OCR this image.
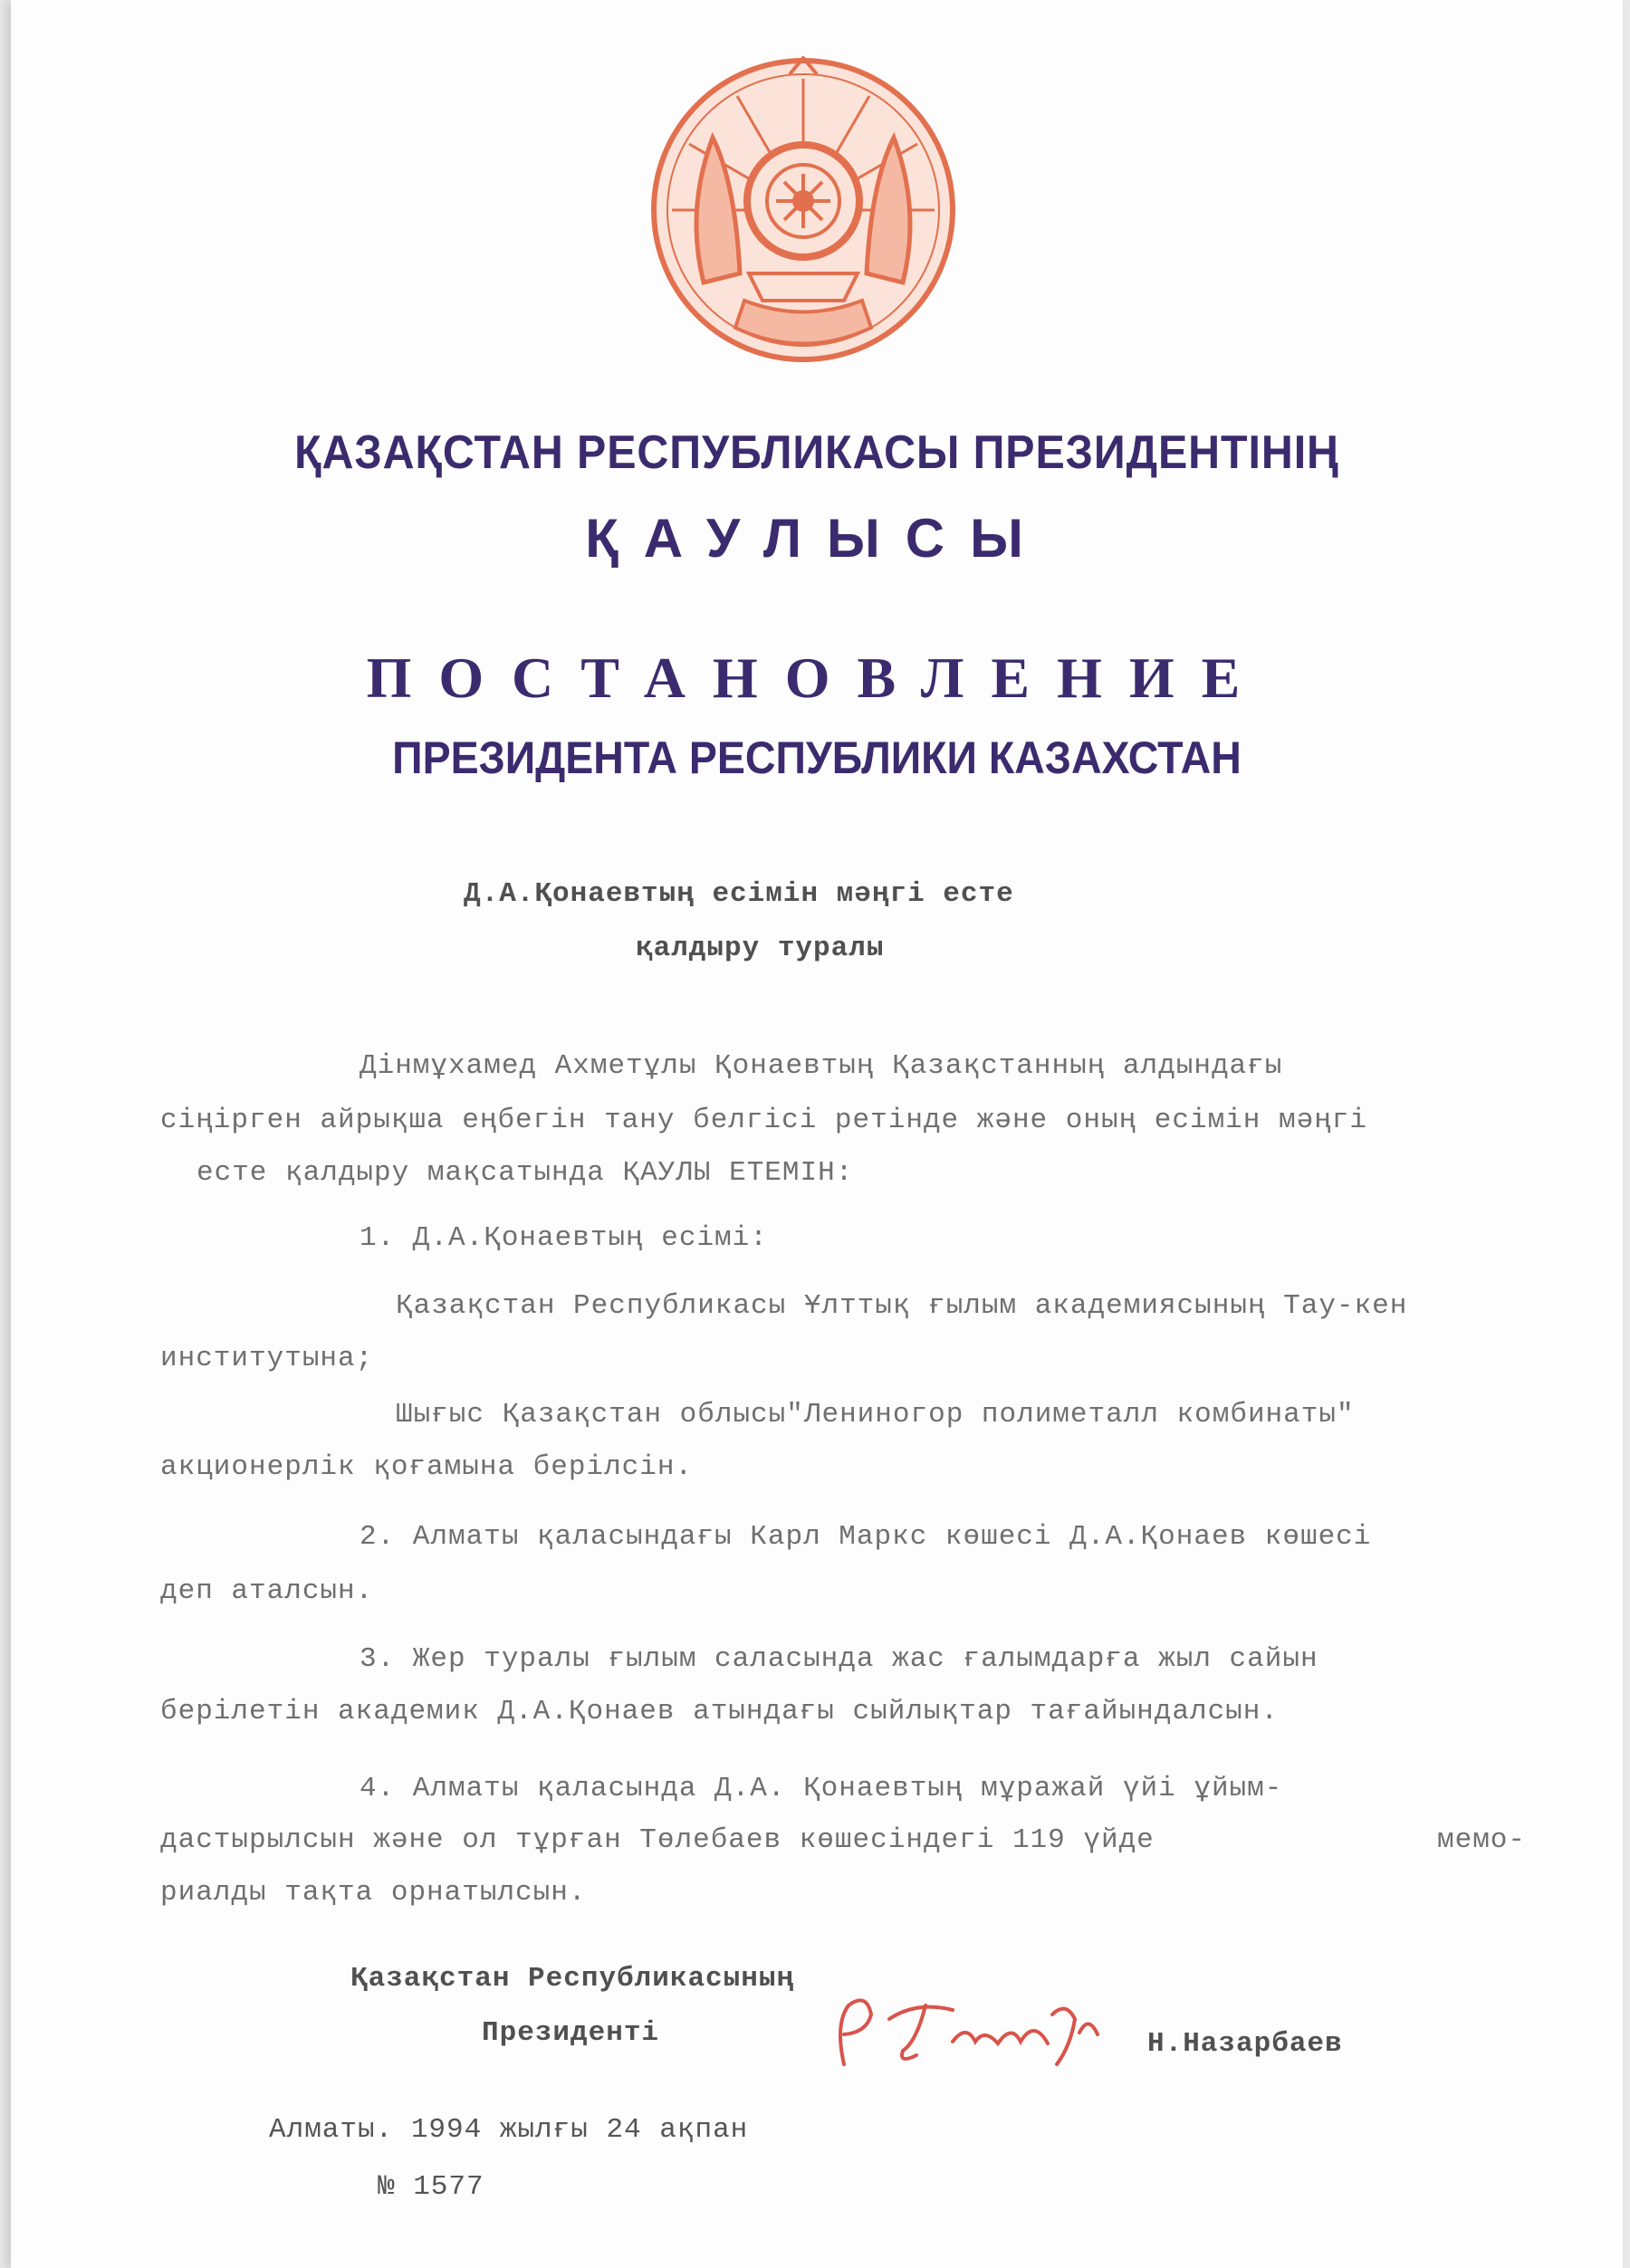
ҚАЗАҚСТАН РЕСПУБЛИКАСЫ ПРЕЗИДЕНТІНІҢ
ҚАУЛЫСЫ
ПОСТАНОВЛЕНИЕ
ПРЕЗИДЕНТА РЕСПУБЛИКИ КАЗАХСТАН
Д.А.Қонаевтың есімін мәңгі есте
қалдыру туралы
Дінмұхамед Ахметұлы Қонаевтың Қазақстанның алдындағы
сіңірген айрықша еңбегін тану белгісі ретінде және оның есімін мәңгі
есте қалдыру мақсатында ҚАУЛЫ ЕТЕМІН:
1. Д.А.Қонаевтың есімі:
Қазақстан Республикасы Ұлттық ғылым академиясының Тау-кен
институтына;
Шығыс Қазақстан облысы"Лениногор полиметалл комбинаты"
акционерлік қоғамына берілсін.
2. Алматы қаласындағы Карл Маркс көшесі Д.А.Қонаев көшесі
деп аталсын.
3. Жер туралы ғылым саласында жас ғалымдарға жыл сайын
берілетін академик Д.А.Қонаев атындағы сыйлықтар тағайындалсын.
4. Алматы қаласында Д.А. Қонаевтың мұражай үйі ұйым-
дастырылсын және ол тұрған Төлебаев көшесіндегі 119 үйде	мемо-
риалды тақта орнатылсын.
Қазақстан Республикасының
Президенті	Н.Назарбаев
Алматы. 1994 жылғы 24 ақпан
№ 1577
